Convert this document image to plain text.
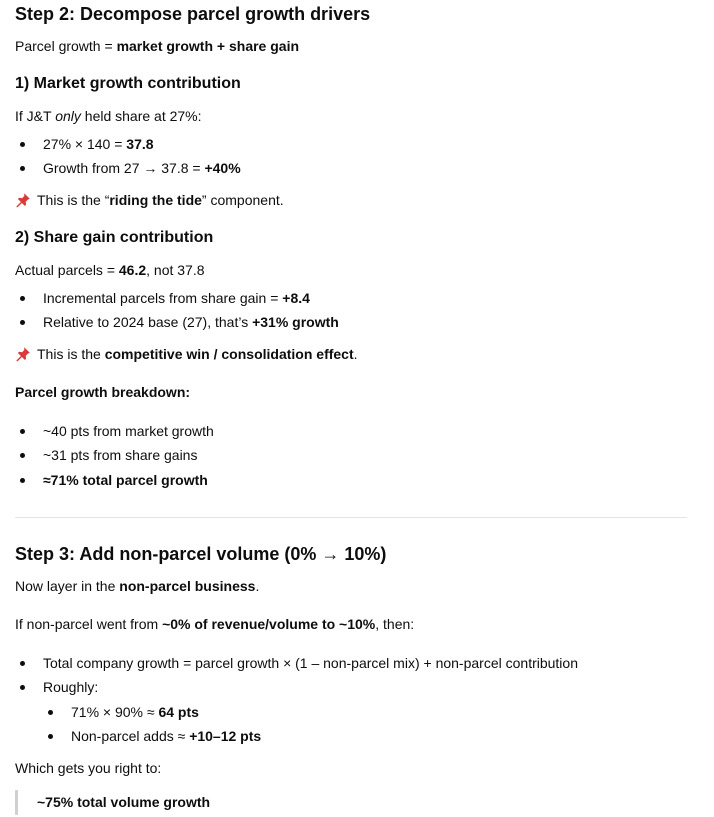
Step 2: Decompose parcel growth drivers
Parcel growth = market growth + share gain
1) Market growth contribution
If J&T only held share at 27%:
27% × 140 = 37.8
Growth from 27 → 37.8 = +40%
This is the “riding the tide” component.
2) Share gain contribution
Actual parcels = 46.2, not 37.8
Incremental parcels from share gain = +8.4
Relative to 2024 base (27), that’s +31% growth
This is the competitive win / consolidation effect.
Parcel growth breakdown:
~40 pts from market growth
~31 pts from share gains
≈71% total parcel growth
Step 3: Add non-parcel volume (0% → 10%)
Now layer in the non-parcel business.
If non-parcel went from ~0% of revenue/volume to ~10%, then:
Total company growth = parcel growth × (1 – non-parcel mix) + non-parcel contribution
Roughly:
71% × 90% ≈ 64 pts
Non-parcel adds ≈ +10–12 pts
Which gets you right to:
~75% total volume growth
